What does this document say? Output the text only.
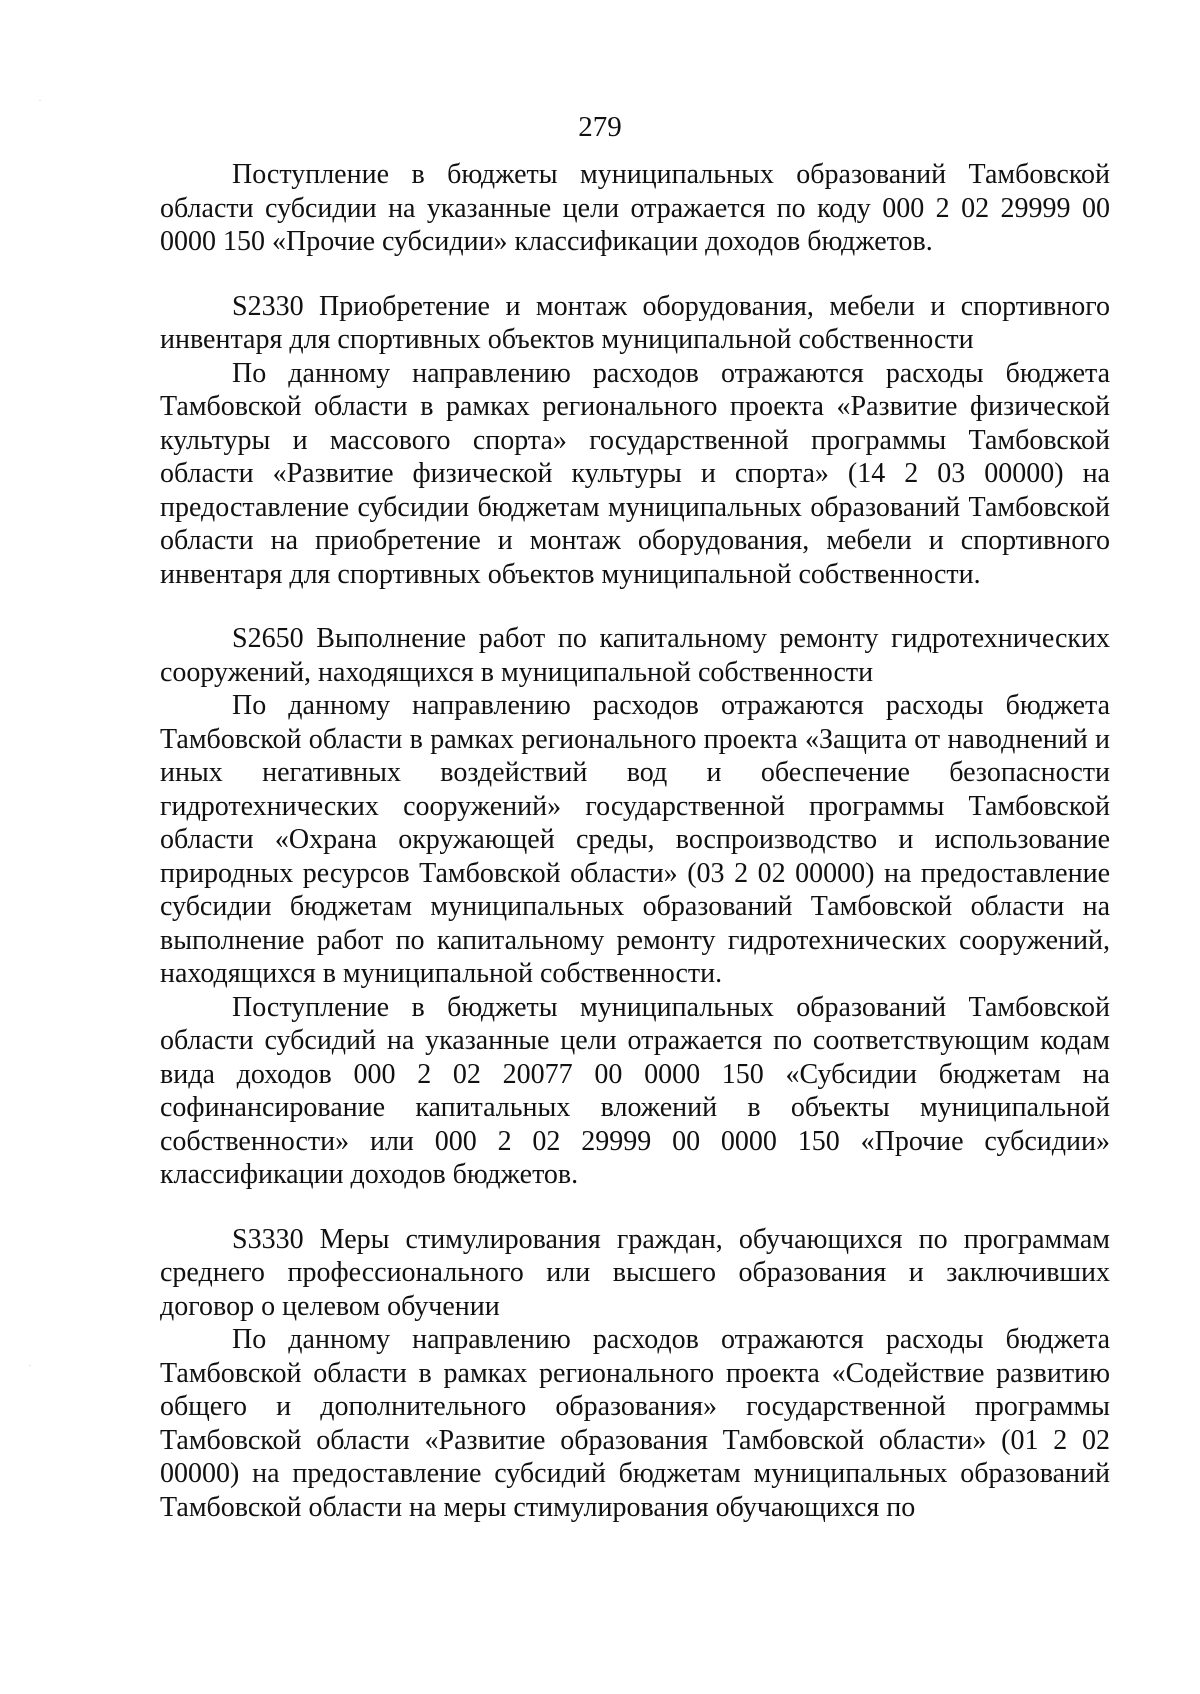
279

Поступление в бюджеты муниципальных образований Тамбовской области субсидии на указанные цели отражается по коду 000 2 02 29999 00 0000 150 «Прочие субсидии» классификации доходов бюджетов.

S2330 Приобретение и монтаж оборудования, мебели и спортивного инвентаря для спортивных объектов муниципальной собственности

По данному направлению расходов отражаются расходы бюджета Тамбовской области в рамках регионального проекта «Развитие физической культуры и массового спорта» государственной программы Тамбовской области «Развитие физической культуры и спорта» (14 2 03 00000) на предоставление субсидии бюджетам муниципальных образований Тамбовской области на приобретение и монтаж оборудования, мебели и спортивного инвентаря для спортивных объектов муниципальной собственности.

S2650 Выполнение работ по капитальному ремонту гидротехнических сооружений, находящихся в муниципальной собственности

По данному направлению расходов отражаются расходы бюджета Тамбовской области в рамках регионального проекта «Защита от наводнений и иных негативных воздействий вод и обеспечение безопасности гидротехнических сооружений» государственной программы Тамбовской области «Охрана окружающей среды, воспроизводство и использование природных ресурсов Тамбовской области» (03 2 02 00000) на предоставление субсидии бюджетам муниципальных образований Тамбовской области на выполнение работ по капитальному ремонту гидротехнических сооружений, находящихся в муниципальной собственности.

Поступление в бюджеты муниципальных образований Тамбовской области субсидий на указанные цели отражается по соответствующим кодам вида доходов 000 2 02 20077 00 0000 150 «Субсидии бюджетам на софинансирование капитальных вложений в объекты муниципальной собственности» или 000 2 02 29999 00 0000 150 «Прочие субсидии» классификации доходов бюджетов.

S3330 Меры стимулирования граждан, обучающихся по программам среднего профессионального или высшего образования и заключивших договор о целевом обучении

По данному направлению расходов отражаются расходы бюджета Тамбовской области в рамках регионального проекта «Содействие развитию общего и дополнительного образования» государственной программы Тамбовской области «Развитие образования Тамбовской области» (01 2 02 00000) на предоставление субсидий бюджетам муниципальных образований Тамбовской области на меры стимулирования обучающихся по
